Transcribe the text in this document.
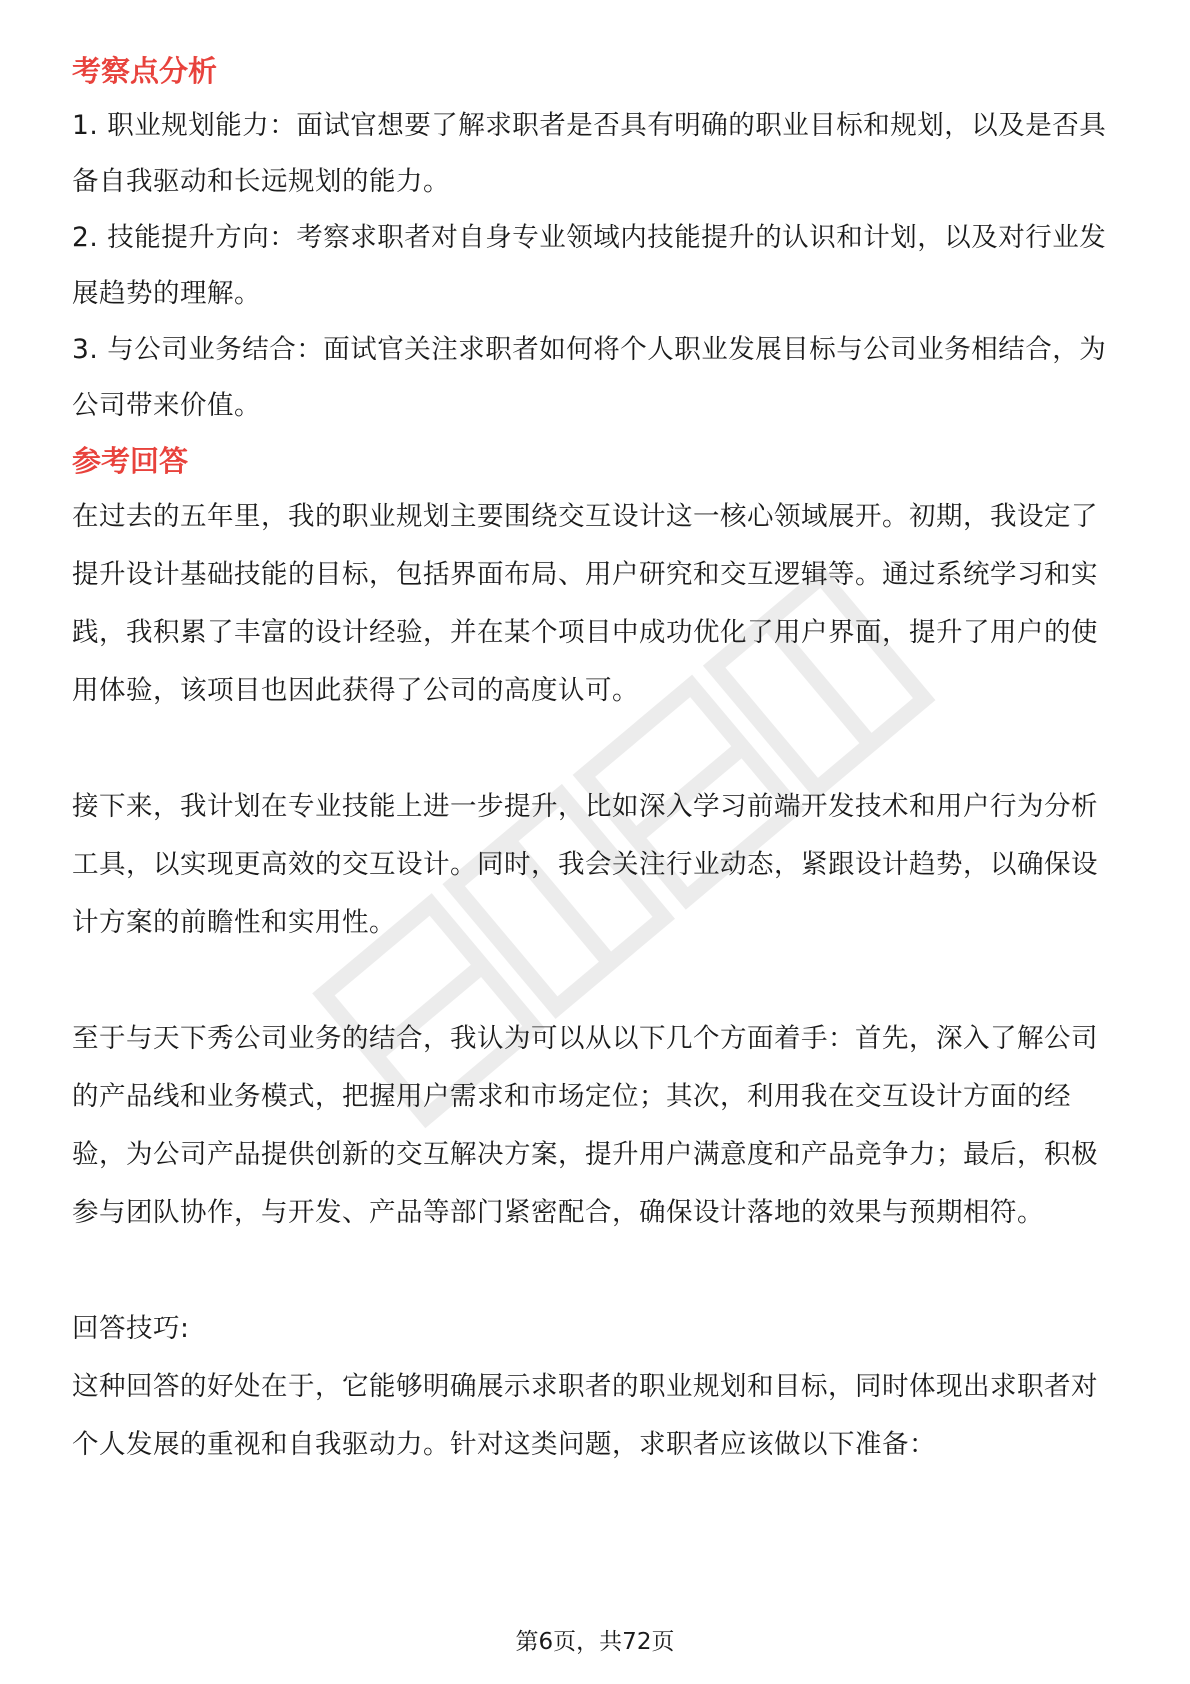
考察点分析

1. 职业规划能力：面试官想要了解求职者是否具有明确的职业目标和规划，以及是否具备自我驱动和长远规划的能力。

2. 技能提升方向：考察求职者对自身专业领域内技能提升的认识和计划，以及对行业发展趋势的理解。

3. 与公司业务结合：面试官关注求职者如何将个人职业发展目标与公司业务相结合，为公司带来价值。

参考回答

在过去的五年里，我的职业规划主要围绕交互设计这一核心领域展开。初期，我设定了提升设计基础技能的目标，包括界面布局、用户研究和交互逻辑等。通过系统学习和实践，我积累了丰富的设计经验，并在某个项目中成功优化了用户界面，提升了用户的使用体验，该项目也因此获得了公司的高度认可。

接下来，我计划在专业技能上进一步提升，比如深入学习前端开发技术和用户行为分析工具，以实现更高效的交互设计。同时，我会关注行业动态，紧跟设计趋势，以确保设计方案的前瞻性和实用性。

至于与天下秀公司业务的结合，我认为可以从以下几个方面着手：首先，深入了解公司的产品线和业务模式，把握用户需求和市场定位；其次，利用我在交互设计方面的经验，为公司产品提供创新的交互解决方案，提升用户满意度和产品竞争力；最后，积极参与团队协作，与开发、产品等部门紧密配合，确保设计落地的效果与预期相符。

回答技巧:

这种回答的好处在于，它能够明确展示求职者的职业规划和目标，同时体现出求职者对个人发展的重视和自我驱动力。针对这类问题，求职者应该做以下准备：

第6页，共72页
